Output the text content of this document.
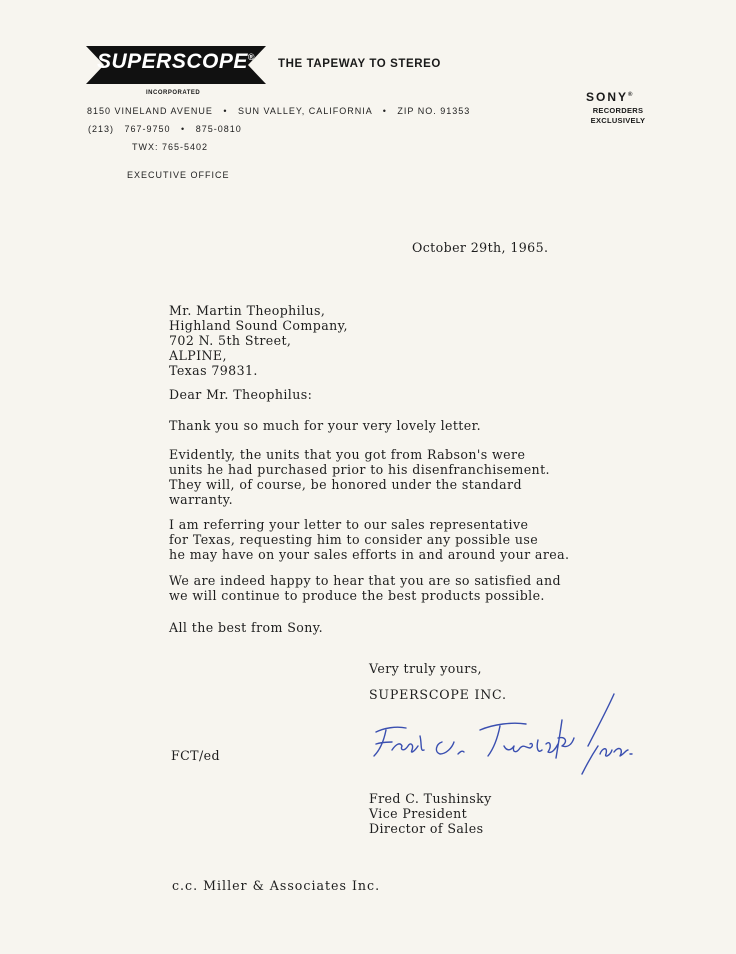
SUPERSCOPE®
INCORPORATED
THE TAPEWAY TO STEREO
8150 VINELAND AVENUE   •   SUN VALLEY, CALIFORNIA   •   ZIP NO. 91353
(213)   767-9750   •   875-0810
TWX: 765-5402
EXECUTIVE OFFICE
SONY®
RECORDERS
EXCLUSIVELY
October 29th, 1965.
Mr. Martin Theophilus,
Highland Sound Company,
702 N. 5th Street,
ALPINE,
Texas 79831.
Dear Mr. Theophilus:
Thank you so much for your very lovely letter.
Evidently, the units that you got from Rabson's were
units he had purchased prior to his disenfranchisement.
They will, of course, be honored under the standard
warranty.
I am referring your letter to our sales representative
for Texas, requesting him to consider any possible use
he may have on your sales efforts in and around your area.
We are indeed happy to hear that you are so satisfied and
we will continue to produce the best products possible.
All the best from Sony.
Very truly yours,
SUPERSCOPE INC.
FCT/ed
Fred C. Tushinsky
Vice President
Director of Sales
c.c. Miller & Associates Inc.
